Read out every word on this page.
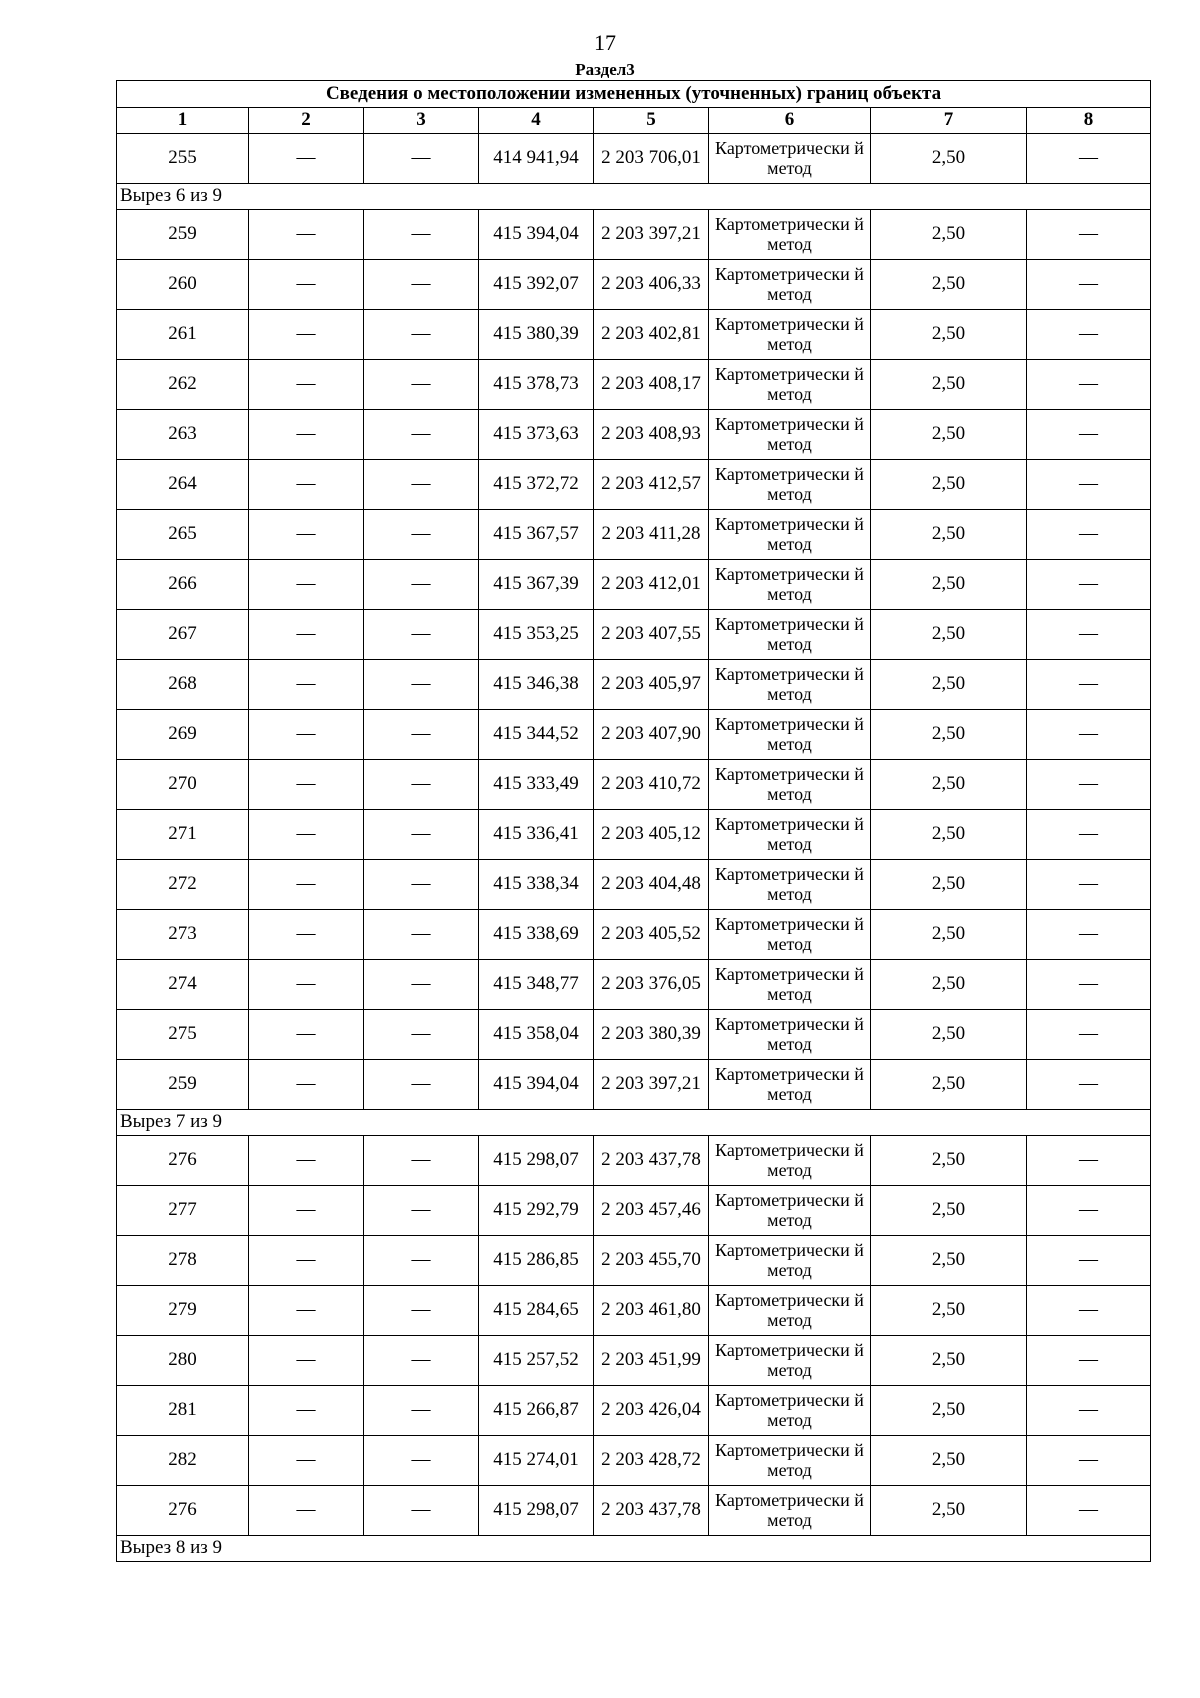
17
Раздел3
Сведения о местоположении измененных (уточненных) границ объекта							
1	2	3	4	5	6	7	8
255	—	—	414 941,94	2 203 706,01	Картометрически й метод	2,50	—
Вырез 6 из 9							
259	—	—	415 394,04	2 203 397,21	Картометрически й метод	2,50	—
260	—	—	415 392,07	2 203 406,33	Картометрически й метод	2,50	—
261	—	—	415 380,39	2 203 402,81	Картометрически й метод	2,50	—
262	—	—	415 378,73	2 203 408,17	Картометрически й метод	2,50	—
263	—	—	415 373,63	2 203 408,93	Картометрически й метод	2,50	—
264	—	—	415 372,72	2 203 412,57	Картометрически й метод	2,50	—
265	—	—	415 367,57	2 203 411,28	Картометрически й метод	2,50	—
266	—	—	415 367,39	2 203 412,01	Картометрически й метод	2,50	—
267	—	—	415 353,25	2 203 407,55	Картометрически й метод	2,50	—
268	—	—	415 346,38	2 203 405,97	Картометрически й метод	2,50	—
269	—	—	415 344,52	2 203 407,90	Картометрически й метод	2,50	—
270	—	—	415 333,49	2 203 410,72	Картометрически й метод	2,50	—
271	—	—	415 336,41	2 203 405,12	Картометрически й метод	2,50	—
272	—	—	415 338,34	2 203 404,48	Картометрически й метод	2,50	—
273	—	—	415 338,69	2 203 405,52	Картометрически й метод	2,50	—
274	—	—	415 348,77	2 203 376,05	Картометрически й метод	2,50	—
275	—	—	415 358,04	2 203 380,39	Картометрически й метод	2,50	—
259	—	—	415 394,04	2 203 397,21	Картометрически й метод	2,50	—
Вырез 7 из 9							
276	—	—	415 298,07	2 203 437,78	Картометрически й метод	2,50	—
277	—	—	415 292,79	2 203 457,46	Картометрически й метод	2,50	—
278	—	—	415 286,85	2 203 455,70	Картометрически й метод	2,50	—
279	—	—	415 284,65	2 203 461,80	Картометрически й метод	2,50	—
280	—	—	415 257,52	2 203 451,99	Картометрически й метод	2,50	—
281	—	—	415 266,87	2 203 426,04	Картометрически й метод	2,50	—
282	—	—	415 274,01	2 203 428,72	Картометрически й метод	2,50	—
276	—	—	415 298,07	2 203 437,78	Картометрически й метод	2,50	—
Вырез 8 из 9							
